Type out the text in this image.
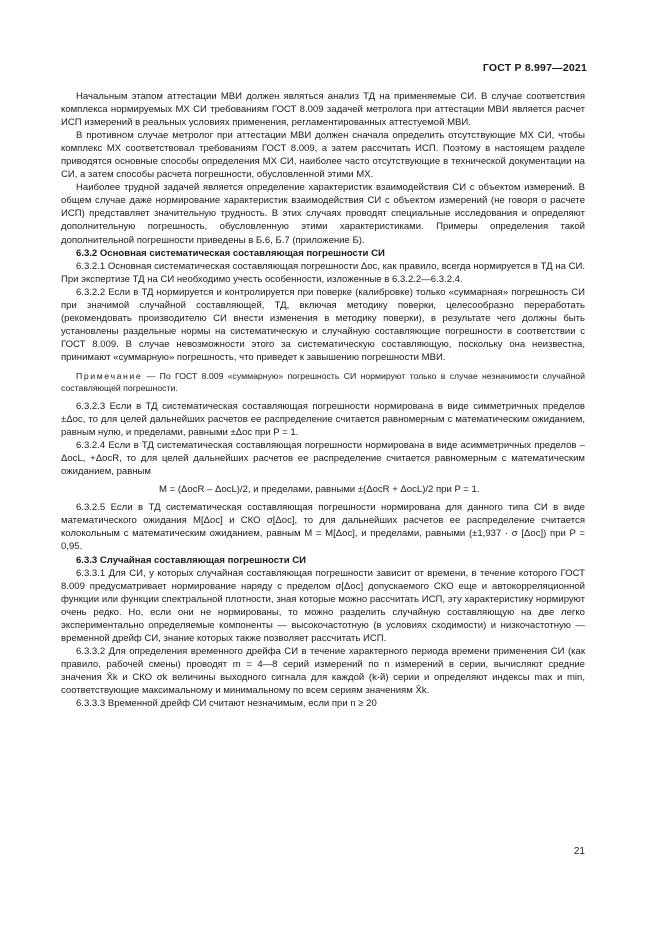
ГОСТ Р 8.997—2021

Начальным этапом аттестации МВИ должен являться анализ ТД на применяемые СИ. В случае соответствия комплекса нормируемых МХ СИ требованиям ГОСТ 8.009 задачей метролога при аттестации МВИ является расчет ИСП измерений в реальных условиях применения, регламентированных аттестуемой МВИ.

В противном случае метролог при аттестации МВИ должен сначала определить отсутствующие МХ СИ, чтобы комплекс МХ соответствовал требованиям ГОСТ 8.009, а затем рассчитать ИСП. Поэтому в настоящем разделе приводятся основные способы определения МХ СИ, наиболее часто отсутствующие в технической документации на СИ, а затем способы расчета погрешности, обусловленной этими МХ.

Наиболее трудной задачей является определение характеристик взаимодействия СИ с объектом измерений. В общем случае даже нормирование характеристик взаимодействия СИ с объектом измерений (не говоря о расчете ИСП) представляет значительную трудность. В этих случаях проводят специальные исследования и определяют дополнительную погрешность, обусловленную этими характеристиками. Примеры определения такой дополнительной погрешности приведены в Б.6, Б.7 (приложение Б).

6.3.2 Основная систематическая составляющая погрешности СИ

6.3.2.1 Основная систематическая составляющая погрешности Δос, как правило, всегда нормируется в ТД на СИ. При экспертизе ТД на СИ необходимо учесть особенности, изложенные в 6.3.2.2—6.3.2.4.

6.3.2.2 Если в ТД нормируется и контролируется при поверке (калибровке) только «суммарная» погрешность СИ при значимой случайной составляющей, ТД, включая методику поверки, целесообразно переработать (рекомендовать производителю СИ внести изменения в методику поверки), в результате чего должны быть установлены раздельные нормы на систематическую и случайную составляющие погрешности в соответствии с ГОСТ 8.009. В случае невозможности этого за систематическую составляющую, поскольку она неизвестна, принимают «суммарную» погрешность, что приведет к завышению погрешности МВИ.

Примечание — По ГОСТ 8.009 «суммарную» погрешность СИ нормируют только в случае незначимости случайной составляющей погрешности.

6.3.2.3 Если в ТД систематическая составляющая погрешности нормирована в виде симметричных пределов ±Δос, то для целей дальнейших расчетов ее распределение считается равномерным с математическим ожиданием, равным нулю, и пределами, равными ±Δос при P = 1.

6.3.2.4 Если в ТД систематическая составляющая погрешности нормирована в виде асимметричных пределов –ΔocL, +ΔocR, то для целей дальнейших расчетов ее распределение считается равномерным с математическим ожиданием, равным

M = (ΔocR – ΔocL)/2, и пределами, равными ±(ΔocR + ΔocL)/2 при P = 1.

6.3.2.5 Если в ТД систематическая составляющая погрешности нормирована для данного типа СИ в виде математического ожидания M[Δос] и СКО σ[Δос], то для дальнейших расчетов ее распределение считается колокольным с математическим ожиданием, равным M = M[Δос], и пределами, равными (±1,937 · σ [Δос]) при P = 0,95.

6.3.3 Случайная составляющая погрешности СИ

6.3.3.1 Для СИ, у которых случайная составляющая погрешности зависит от времени, в течение которого ГОСТ 8.009 предусматривает нормирование наряду с пределом σ[Δос] допускаемого СКО еще и автокорреляционной функции или функции спектральной плотности, зная которые можно рассчитать ИСП, эту характеристику нормируют очень редко. Но, если они не нормированы, то можно разделить случайную составляющую на две легко экспериментально определяемые компоненты — высокочастотную (в условиях сходимости) и низкочастотную — временной дрейф СИ, знание которых также позволяет рассчитать ИСП.

6.3.3.2 Для определения временного дрейфа СИ в течение характерного периода времени применения СИ (как правило, рабочей смены) проводят m = 4—8 серий измерений по n измерений в серии, вычисляют средние значения X̄k и СКО σk величины выходного сигнала для каждой (k-й) серии и определяют индексы max и min, соответствующие максимальному и минимальному по всем сериям значениям X̄k.

6.3.3.3 Временной дрейф СИ считают незначимым, если при n ≥ 20

21
